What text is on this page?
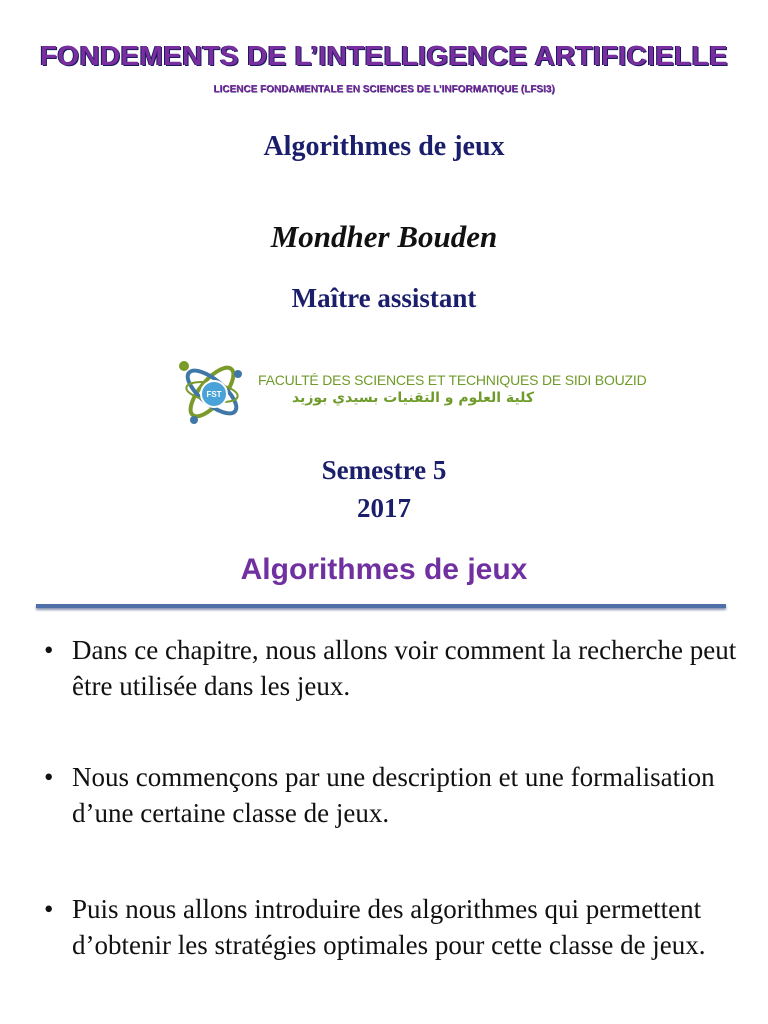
FONDEMENTS DE L’INTELLIGENCE ARTIFICIELLE
LICENCE FONDAMENTALE EN SCIENCES DE L’INFORMATIQUE (LFSI3)
Algorithmes de jeux
Mondher Bouden
Maître assistant
FST
FACULTÉ DES SCIENCES ET TECHNIQUES DE SIDI BOUZID
كلية العلوم و التقنيات بسيدي بوزيد
Semestre 5
2017
Algorithmes de jeux
• Dans ce chapitre, nous allons voir comment la recherche peut être utilisée dans les jeux.
• Nous commençons par une description et une formalisation d’une certaine classe de jeux.
• Puis nous allons introduire des algorithmes qui permettent d’obtenir les stratégies optimales pour cette classe de jeux.
